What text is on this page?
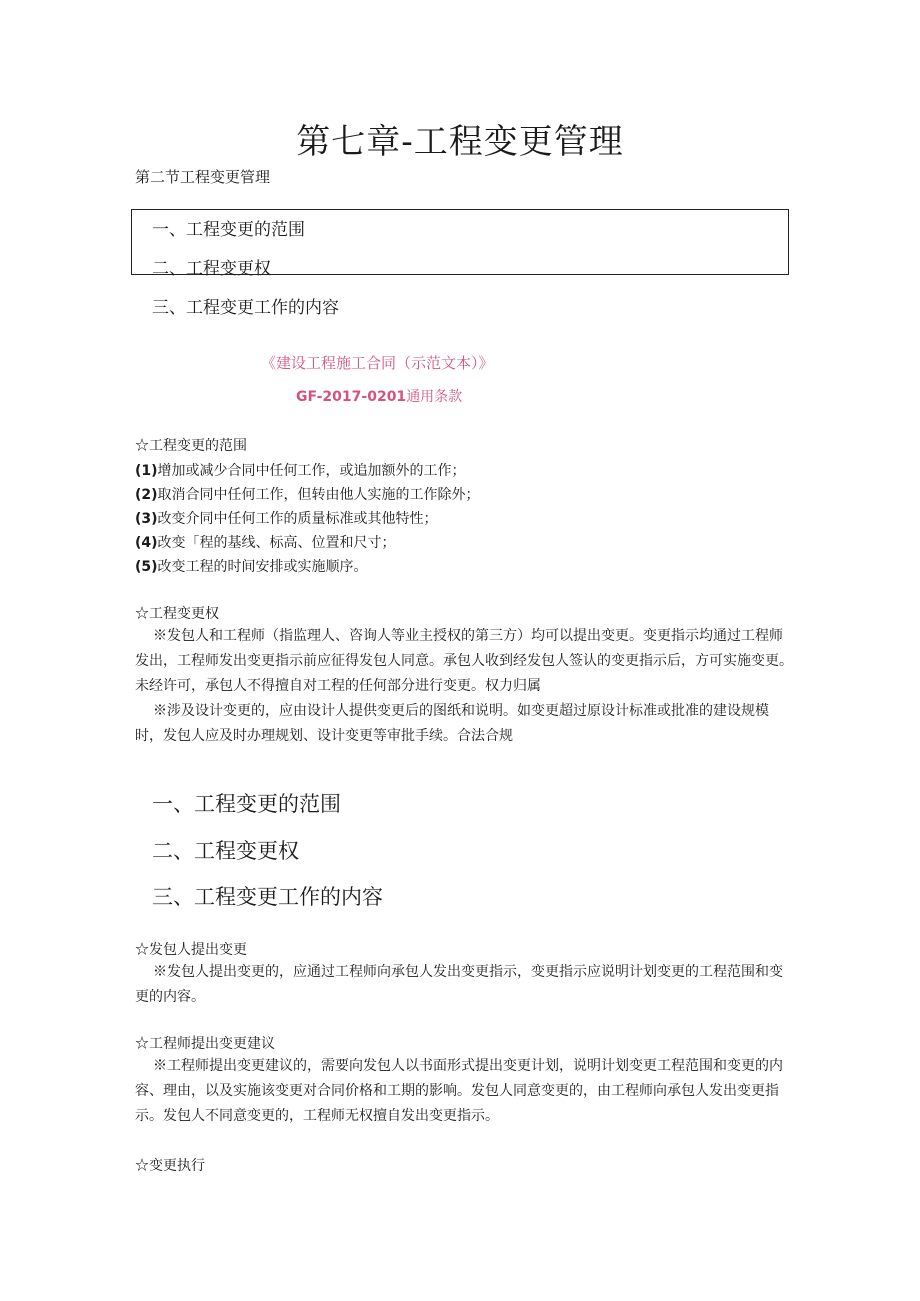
第七章-工程变更管理
第二节工程变更管理
一、工程变更的范围
二、工程变更权
三、工程变更工作的内容
《建设工程施工合同（示范文本）》
GF-2017-0201通用条款
☆工程变更的范围
(1)增加或减少合同中任何工作，或追加额外的工作；
(2)取消合同中任何工作，但转由他人实施的工作除外；
(3)改变介同中任何工作的质量标准或其他特性；
(4)改变「程的基线、标高、位置和尺寸；
(5)改变工程的时间安排或实施顺序。
☆工程变更权
※发包人和工程师（指监理人、咨询人等业主授权的第三方）均可以提出变更。变更指示均通过工程师发出，工程师发出变更指示前应征得发包人同意。承包人收到经发包人签认的变更指示后，方可实施变更。未经许可，承包人不得擅自对工程的任何部分进行变更。权力归属
※涉及设计变更的，应由设计人提供变更后的图纸和说明。如变更超过原设计标准或批准的建设规模时，发包人应及时办理规划、设计变更等审批手续。合法合规
一、工程变更的范围
二、工程变更权
三、工程变更工作的内容
☆发包人提出变更
※发包人提出变更的，应通过工程师向承包人发出变更指示，变更指示应说明计划变更的工程范围和变更的内容。
☆工程师提出变更建议
※工程师提出变更建议的，需要向发包人以书面形式提出变更计划，说明计划变更工程范围和变更的内容、理由，以及实施该变更对合同价格和工期的影响。发包人同意变更的，由工程师向承包人发出变更指示。发包人不同意变更的，工程师无权擅自发出变更指示。
☆变更执行
